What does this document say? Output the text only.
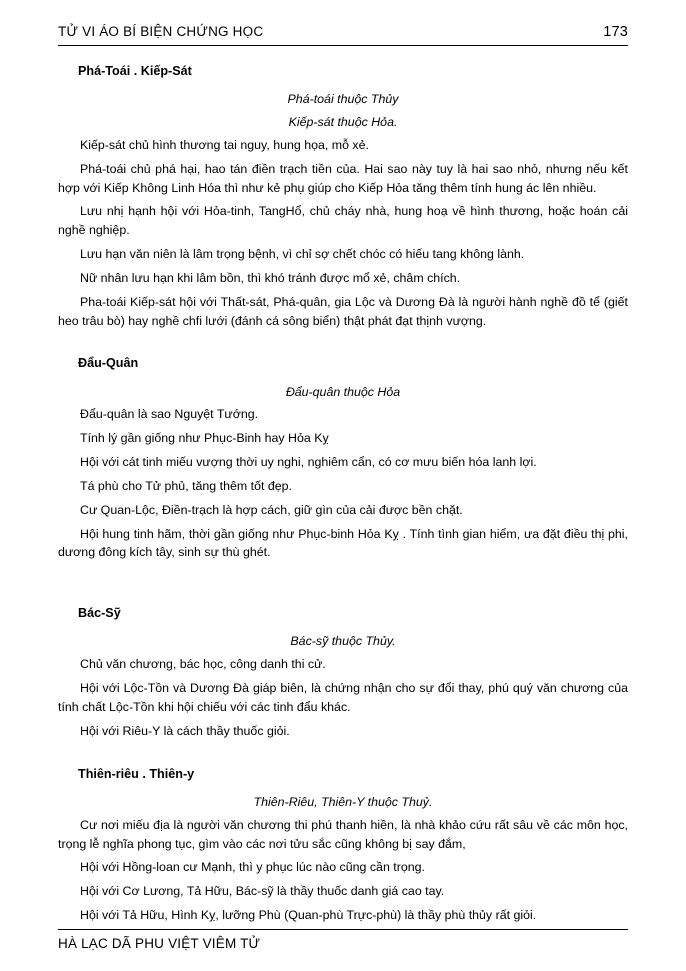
TỬ VI ÁO BÍ BIỆN CHỨNG HỌC	173
Phá-Toái . Kiếp-Sát

Phá-toái thuộc Thủy

Kiếp-sát thuộc Hỏa.

Kiếp-sát chủ hình thương tai nguy, hung họa, mỗ xẻ.

Phá-toái chủ phá hại, hao tán điền trạch tiền của. Hai sao này tuy là hai sao nhỏ, nhưng nếu kết hợp với Kiếp Không Linh Hóa thì như kẻ phụ giúp cho Kiếp Hỏa tăng thêm tính hung ác lên nhiều.

Lưu nhị hạnh hội với Hỏa-tinh, TangHổ, chủ cháy nhà, hung hoạ về hình thương, hoặc hoán cải nghề nghiệp.

Lưu hạn văn niên là lâm trọng bệnh, vì chỉ sợ chết chóc có hiếu tang không lành.

Nữ nhân lưu hạn khi lâm bồn, thì khó tránh được mổ xẻ, châm chích.

Pha-toái Kiếp-sát hội với Thất-sát, Phá-quân, gia Lộc và Dương Đà là người hành nghề đồ tể (giết heo trâu bò) hay nghề chfi lưới (đánh cá sông biển) thật phát đạt thịnh vượng.

Đẩu-Quân

Đẩu-quân thuộc Hỏa

Đẩu-quân là sao Nguyệt Tướng.

Tính lý gần giống như Phục-Binh hay Hỏa Kỵ

Hội với cát tinh miếu vượng thời uy nghi, nghiêm cẩn, có cơ mưu biến hóa lanh lợi.

Tá phù cho Tử phủ, tăng thêm tốt đẹp.

Cư Quan-Lộc, Điền-trạch là hợp cách, giữ gìn của cải được bền chặt.

Hội hung tinh hãm, thời gần giống như Phục-binh Hỏa Kỵ . Tính tình gian hiểm, ưa đặt điều thị phi, dương đông kích tây, sinh sự thù ghét.

Bác-Sỹ

Bác-sỹ thuộc Thủy.

Chủ văn chương, bác học, công danh thi cử.

Hội với Lộc-Tồn và Dương Đà giáp biên, là chứng nhận cho sự đổi thay, phú quý văn chương của tính chất Lộc-Tồn khi hội chiếu với các tinh đẩu khác.

Hội với Riêu-Y là cách thầy thuốc giỏi.

Thiên-riêu . Thiên-y

Thiên-Riêu, Thiên-Y thuộc Thuỷ.

Cư nơi miếu địa là người văn chương thi phú thanh hiền, là nhà khảo cứu rất sâu về các môn học, trọng lễ nghĩa phong tục, gìm vào các nơi tửu sắc cũng không bị say đắm,

Hội với Hồng-loan cư Mạnh, thì y phục lúc nào cũng cần trọng.

Hội với Cơ Lương, Tả Hữu, Bác-sỹ là thầy thuốc danh giá cao tay.

Hội với Tả Hữu, Hình Kỵ, lưỡng Phù (Quan-phù Trực-phù) là thầy phù thủy rất giỏi.

HÀ LẠC DÃ PHU VIỆT VIÊM TỬ
